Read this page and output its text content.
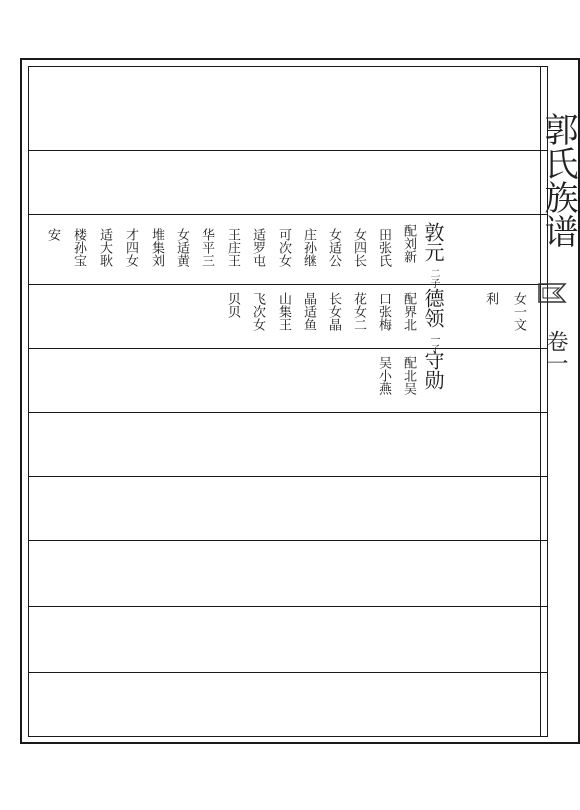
郭氏族谱
卷一
敦元
二子
配刘新
田张氏
女四长
女适公
庄孙继
可次女
适罗屯
王庄王
华平三
女适黄
堆集刘
才四女
适大耿
楼孙宝
安
女一文
利
德领
一子
配界北
口张梅
花女二
长女晶
晶适鱼
山集王
飞次女
贝贝
守勋
配北吴
吴小燕
